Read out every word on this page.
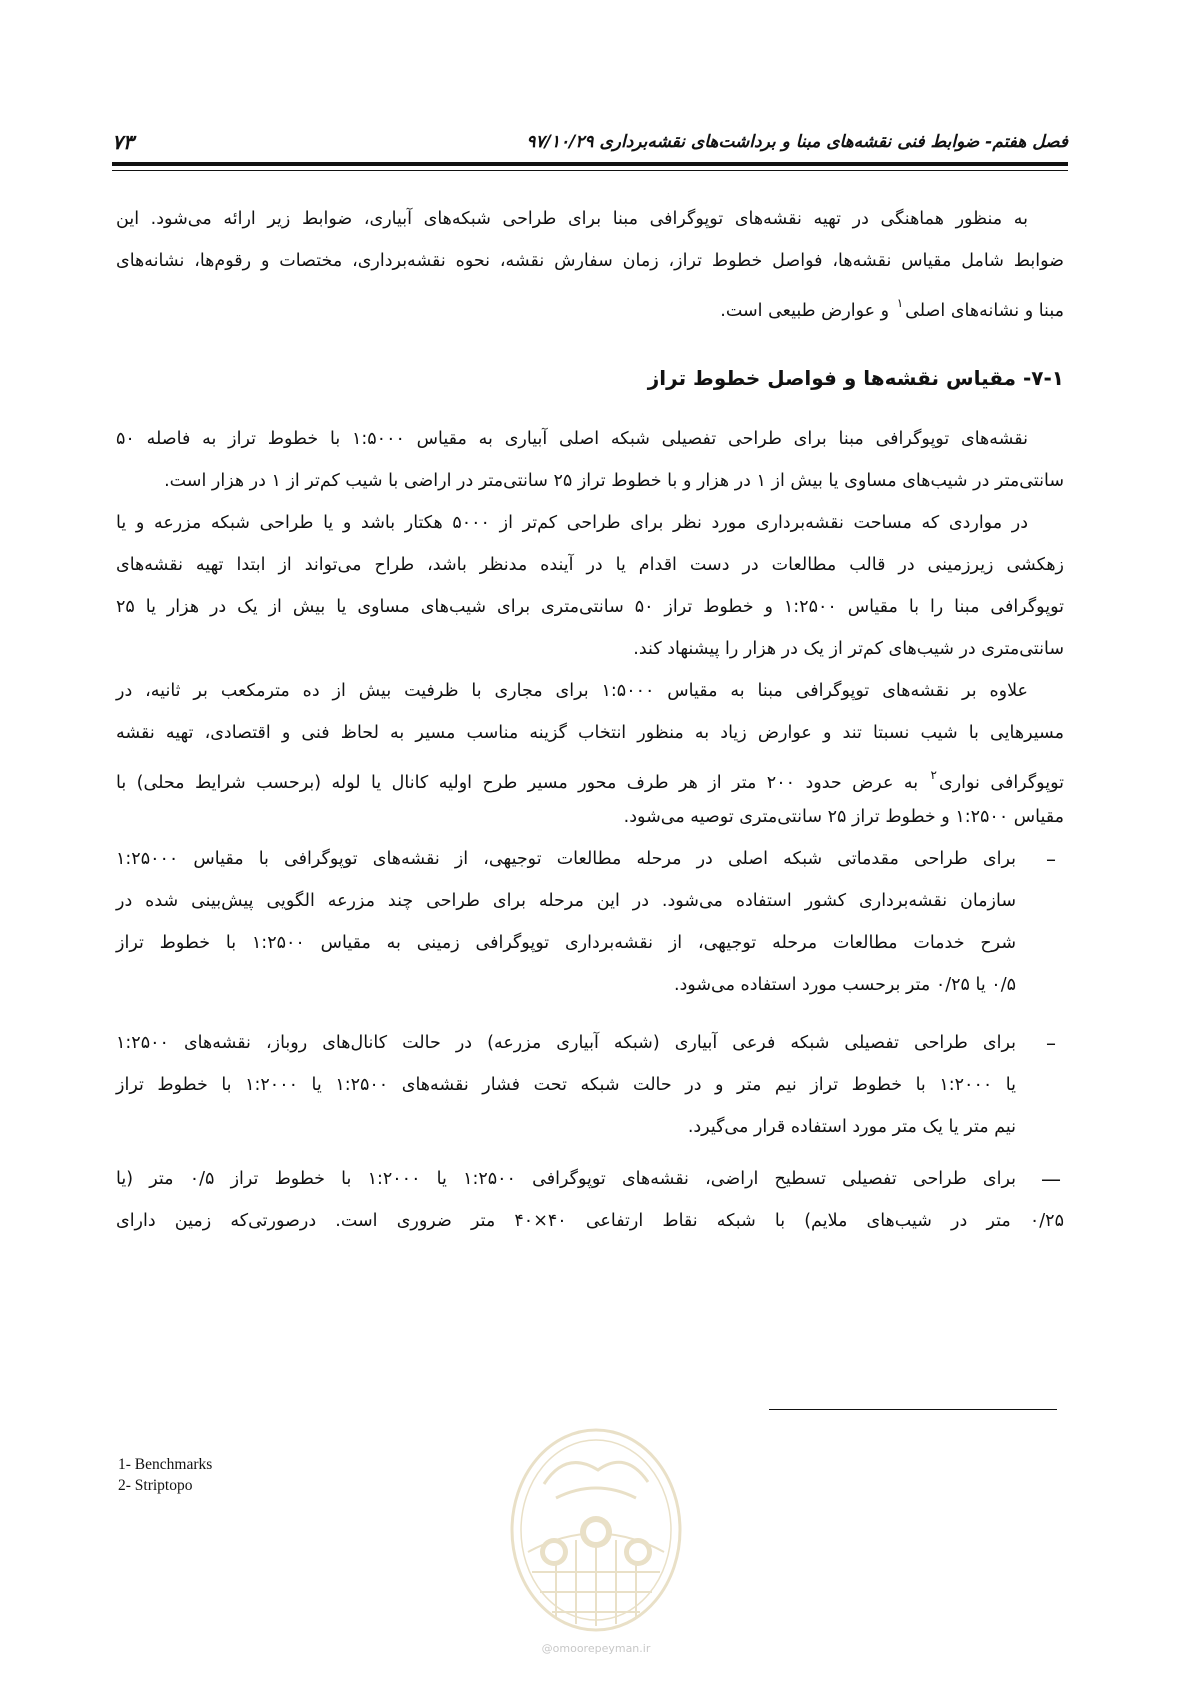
فصل هفتم- ضوابط فنی نقشه‌های مبنا و برداشت‌های نقشه‌برداری ۹۷/۱۰/۲۹
۷۳
به منظور هماهنگی در تهیه نقشه‌های توپوگرافی مبنا برای طراحی شبکه‌های آبیاری، ضوابط زیر ارائه می‌شود. این
ضوابط شامل مقیاس نقشه‌ها، فواصل خطوط تراز، زمان سفارش نقشه، نحوه نقشه‌برداری، مختصات و رقوم‌ها، نشانه‌های
مبنا و نشانه‌های اصلی$^۱$ و عوارض طبیعی است.
۷-۱- مقیاس نقشه‌ها و فواصل خطوط تراز
نقشه‌های توپوگرافی مبنا برای طراحی تفصیلی شبکه اصلی آبیاری به مقیاس ۱:۵۰۰۰ با خطوط تراز به فاصله ۵۰
سانتی‌متر در شیب‌های مساوی یا بیش از ۱ در هزار و با خطوط تراز ۲۵ سانتی‌متر در اراضی با شیب کم‌تر از ۱ در هزار است.
در مواردی که مساحت نقشه‌برداری مورد نظر برای طراحی کم‌تر از ۵۰۰۰ هکتار باشد و یا طراحی شبکه مزرعه و یا
زهکشی زیرزمینی در قالب مطالعات در دست اقدام یا در آینده مدنظر باشد، طراح می‌تواند از ابتدا تهیه نقشه‌های
توپوگرافی مبنا را با مقیاس ۱:۲۵۰۰ و خطوط تراز ۵۰ سانتی‌متری برای شیب‌های مساوی یا بیش از یک در هزار یا ۲۵
سانتی‌متری در شیب‌های کم‌تر از یک در هزار را پیشنهاد کند.
علاوه بر نقشه‌های توپوگرافی مبنا به مقیاس ۱:۵۰۰۰ برای مجاری با ظرفیت بیش از ده مترمکعب بر ثانیه، در
مسیرهایی با شیب نسبتا تند و عوارض زیاد به منظور انتخاب گزینه مناسب مسیر به لحاظ فنی و اقتصادی، تهیه نقشه
توپوگرافی نواری$^۲$ به عرض حدود ۲۰۰ متر از هر طرف محور مسیر طرح اولیه کانال یا لوله (برحسب شرایط محلی) با
مقیاس ۱:۲۵۰۰ و خطوط تراز ۲۵ سانتی‌متری توصیه می‌شود.
–
برای طراحی مقدماتی شبکه اصلی در مرحله مطالعات توجیهی، از نقشه‌های توپوگرافی با مقیاس ۱:۲۵۰۰۰
سازمان نقشه‌برداری کشور استفاده می‌شود. در این مرحله برای طراحی چند مزرعه الگویی پیش‌بینی شده در
شرح خدمات مطالعات مرحله توجیهی، از نقشه‌برداری توپوگرافی زمینی به مقیاس ۱:۲۵۰۰ با خطوط تراز
۰/۵ یا ۰/۲۵ متر برحسب مورد استفاده می‌شود.
–
برای طراحی تفصیلی شبکه فرعی آبیاری (شبکه آبیاری مزرعه) در حالت کانال‌های روباز، نقشه‌های ۱:۲۵۰۰
یا ۱:۲۰۰۰ با خطوط تراز نیم متر و در حالت شبکه تحت فشار نقشه‌های ۱:۲۵۰۰ یا ۱:۲۰۰۰ با خطوط تراز
نیم متر یا یک متر مورد استفاده قرار می‌گیرد.
—
برای طراحی تفصیلی تسطیح اراضی، نقشه‌های توپوگرافی ۱:۲۵۰۰ یا ۱:۲۰۰۰ با خطوط تراز ۰/۵ متر (یا
۰/۲۵ متر در شیب‌های ملایم) با شبکه نقاط ارتفاعی ۴۰×۴۰ متر ضروری است. درصورتی‌که زمین دارای
1- Benchmarks
2- Striptopo
@omoorepeyman.ir
